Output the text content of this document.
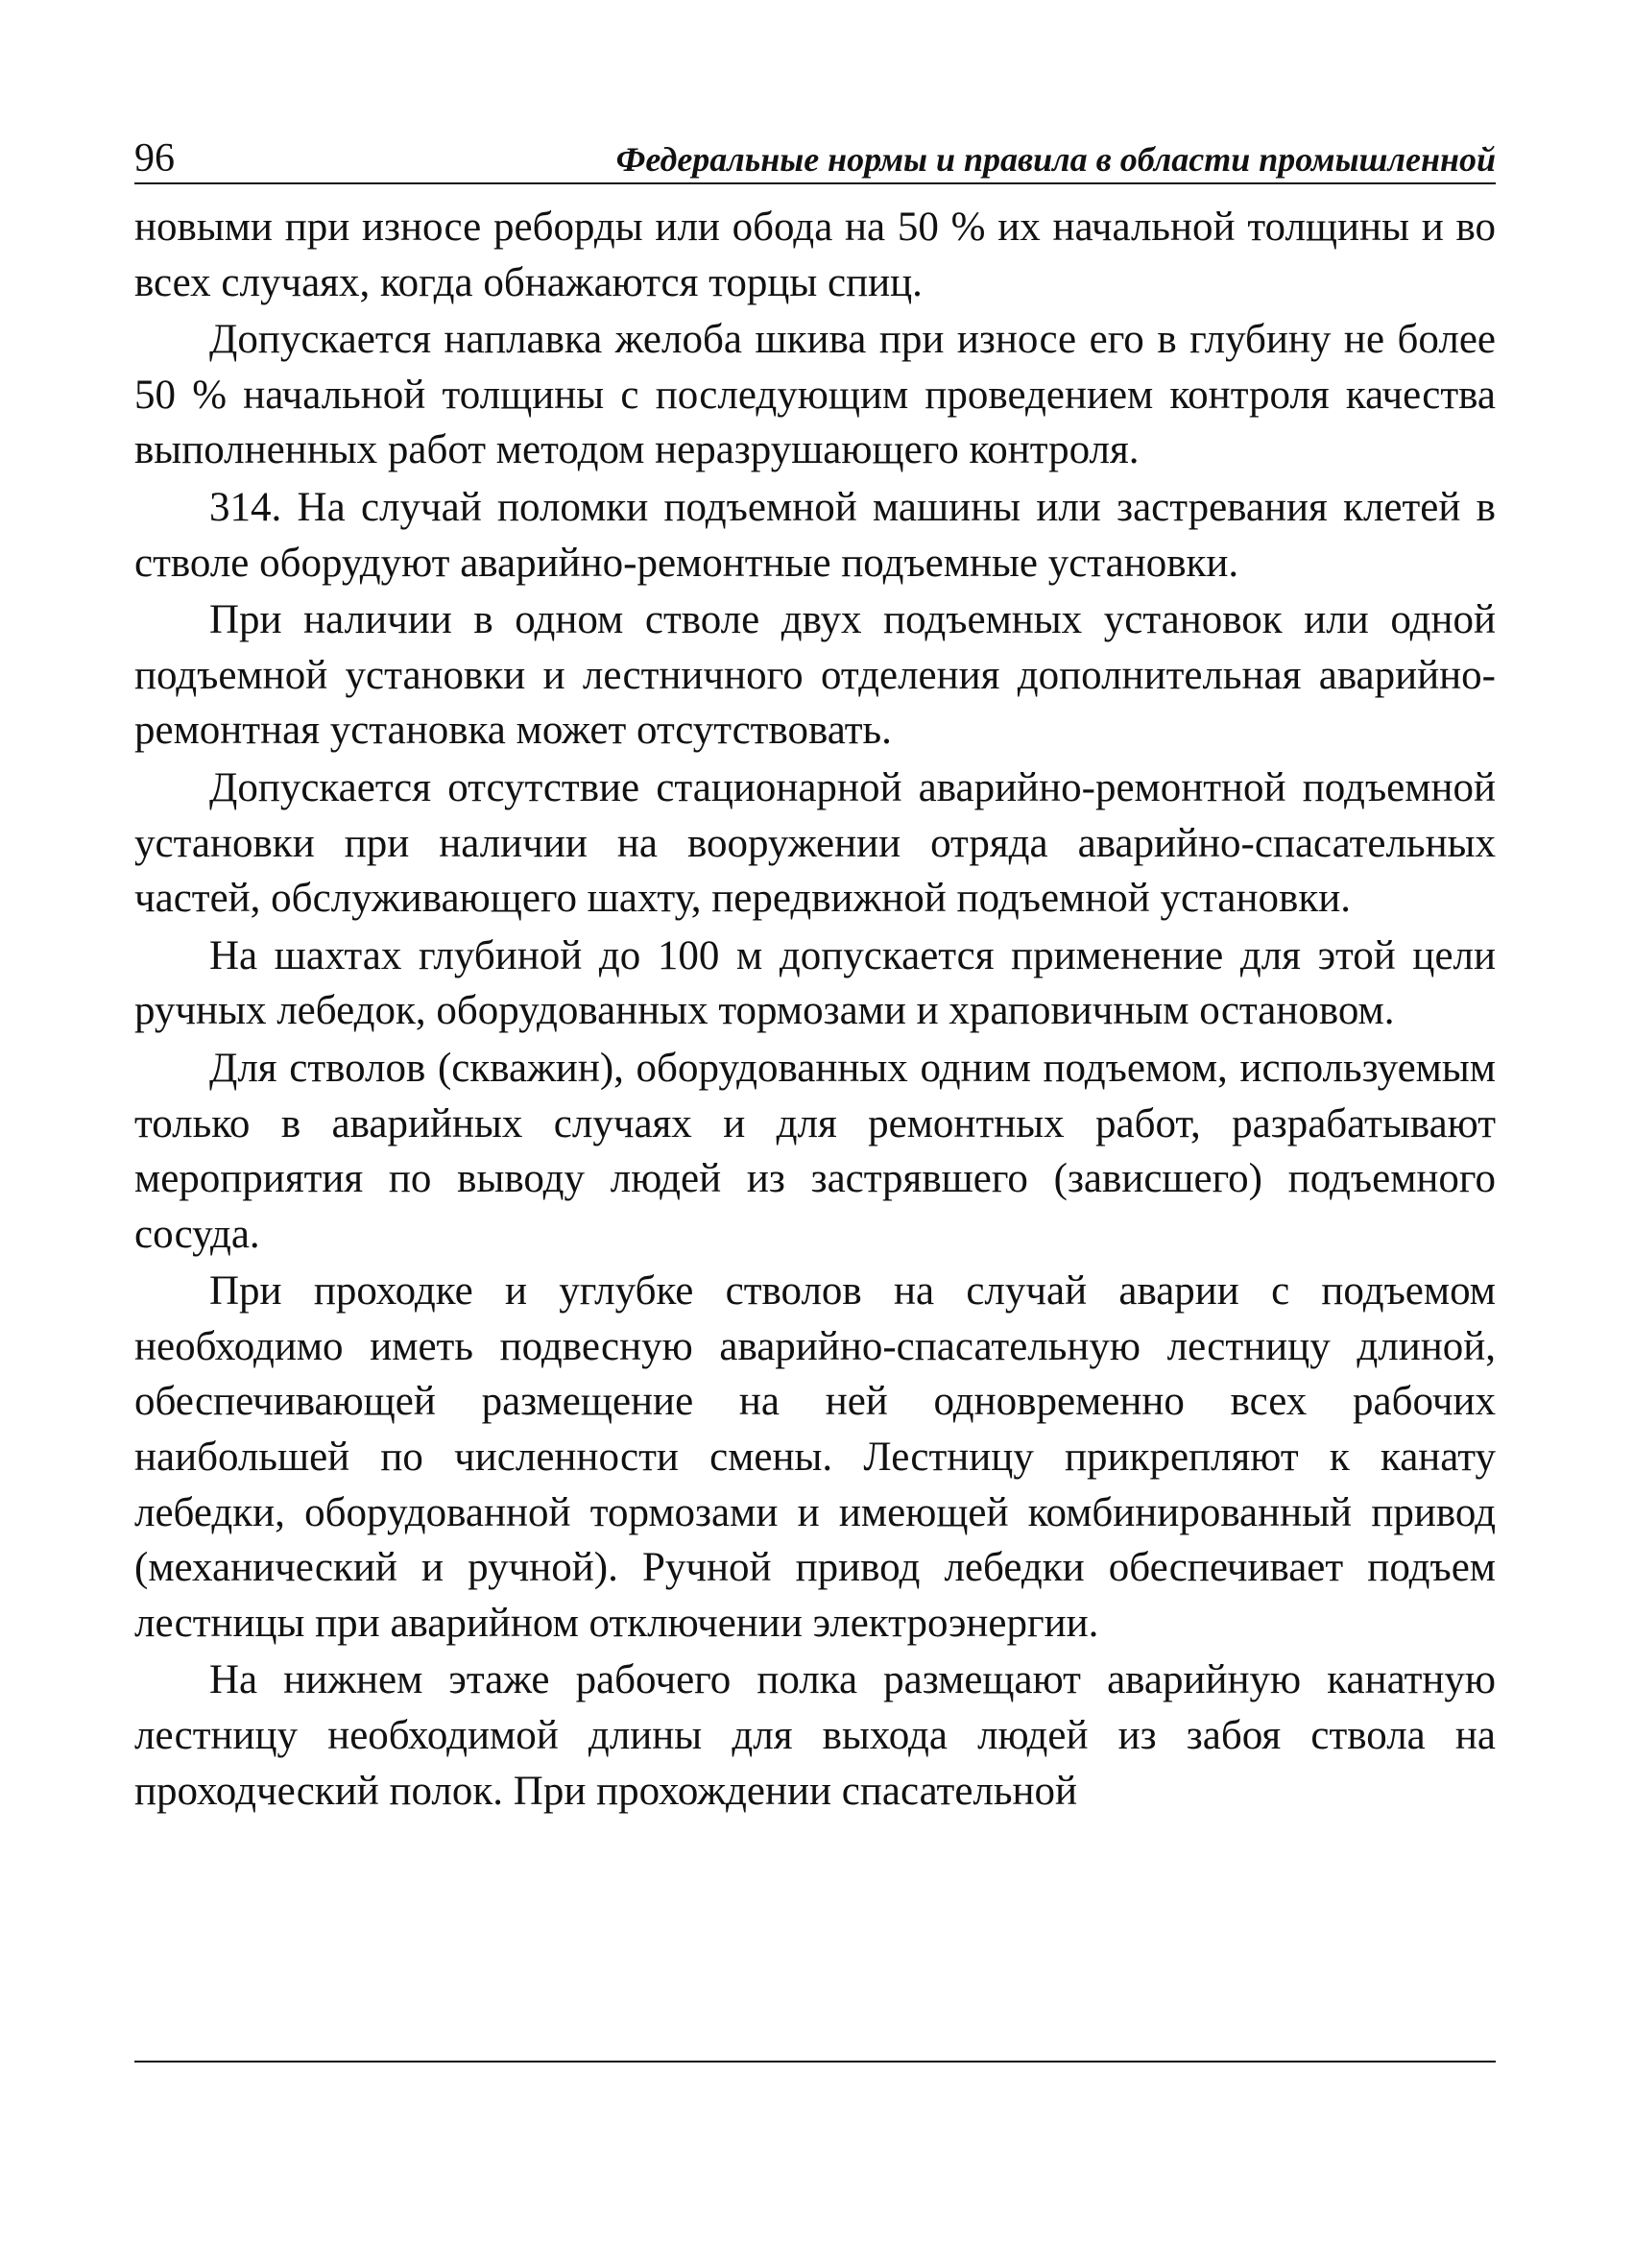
96	Федеральные нормы и правила в области промышленной

новыми при износе реборды или обода на 50 % их начальной толщины и во всех случаях, когда обнажаются торцы спиц.

Допускается наплавка желоба шкива при износе его в глубину не более 50 % начальной толщины с последующим проведением контроля качества выполненных работ методом неразрушающего контроля.

314. На случай поломки подъемной машины или застревания клетей в стволе оборудуют аварийно-ремонтные подъемные установки.

При наличии в одном стволе двух подъемных установок или одной подъемной установки и лестничного отделения дополнительная аварийно-ремонтная установка может отсутствовать.

Допускается отсутствие стационарной аварийно-ремонтной подъемной установки при наличии на вооружении отряда аварийно-спасательных частей, обслуживающего шахту, передвижной подъемной установки.

На шахтах глубиной до 100 м допускается применение для этой цели ручных лебедок, оборудованных тормозами и храповичным остановом.

Для стволов (скважин), оборудованных одним подъемом, используемым только в аварийных случаях и для ремонтных работ, разрабатывают мероприятия по выводу людей из застрявшего (зависшего) подъемного сосуда.

При проходке и углубке стволов на случай аварии с подъемом необходимо иметь подвесную аварийно-спасательную лестницу длиной, обеспечивающей размещение на ней одновременно всех рабочих наибольшей по численности смены. Лестницу прикрепляют к канату лебедки, оборудованной тормозами и имеющей комбинированный привод (механический и ручной). Ручной привод лебедки обеспечивает подъем лестницы при аварийном отключении электроэнергии.

На нижнем этаже рабочего полка размещают аварийную канатную лестницу необходимой длины для выхода людей из забоя ствола на проходческий полок. При прохождении спасательной
